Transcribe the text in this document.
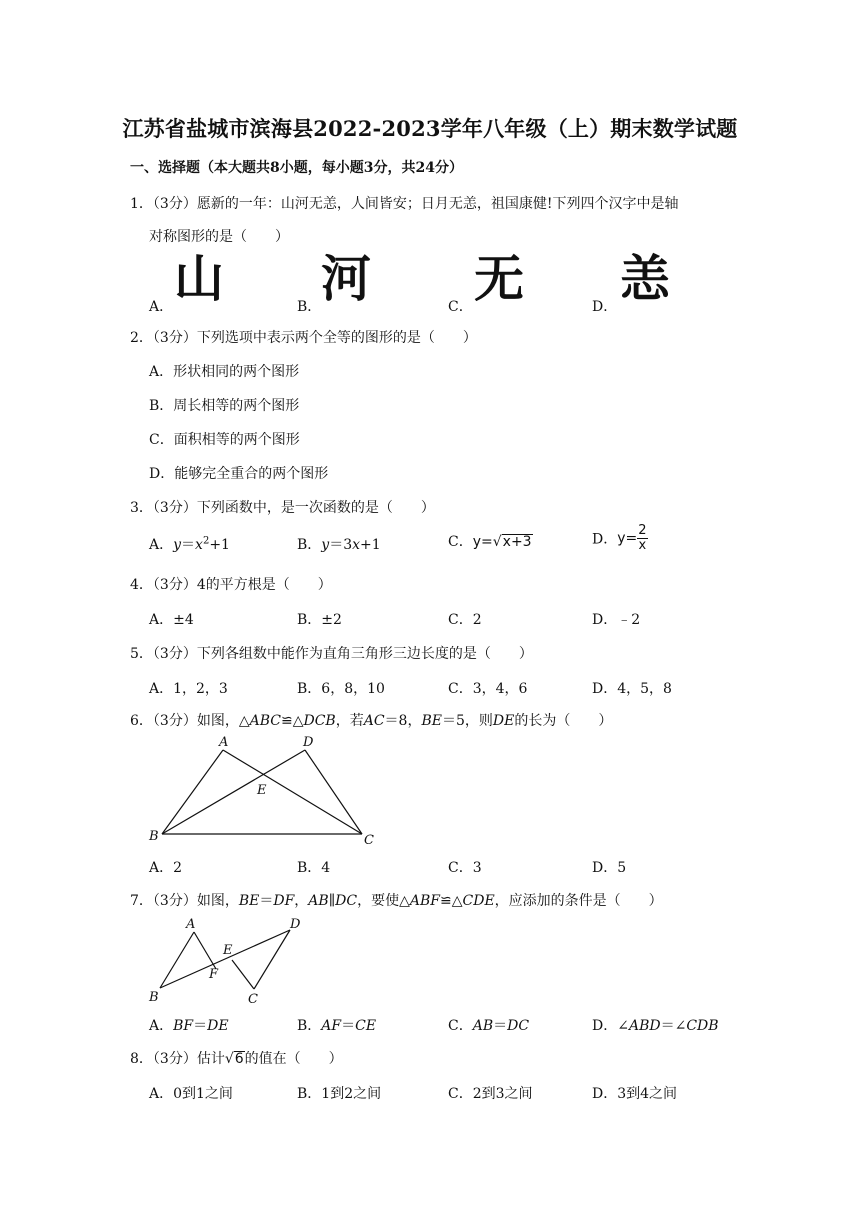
江苏省盐城市滨海县2022-2023学年八年级（上）期末数学试题
一、选择题（本大题共8小题，每小题3分，共24分）
1．（3分）愿新的一年：山河无恙，人间皆安；日月无恙，祖国康健!下列四个汉字中是轴
对称图形的是（　　）
A． 山	B． 河	C． 无	D． 恙
2．（3分）下列选项中表示两个全等的图形的是（　　）
A．形状相同的两个图形
B．周长相等的两个图形
C．面积相等的两个图形
D．能够完全重合的两个图形
3．（3分）下列函数中，是一次函数的是（　　）
A．$y=x^2+1$	B．y＝3x+1	C．y=√x+3	D．$y= \frac{2}{x}$
4．（3分）4的平方根是（　　）
A．±4	B．±2	C．2	D．﹣2
5．（3分）下列各组数中能作为直角三角形三边长度的是（　　）
A．1，2，3	B．6，8，10	C．3，4，6	D．4，5，8
6．（3分）如图，△ABC≌△DCB，若AC＝8，BE＝5，则DE的长为（　　）
A	D
E
B	C
A．2	B．4	C．3	D．5
7．（3分）如图，BE＝DF，AB∥DC，要使△ABF≌△CDE，应添加的条件是（　　）
A
E
D
F
B	C
A．BF＝DE	B．AF＝CE	C．AB＝DC	D．∠ABD＝∠CDB
8．（3分）估计√6的值在（　　）
A．0到1之间	B．1到2之间	C．2到3之间	D．3到4之间
